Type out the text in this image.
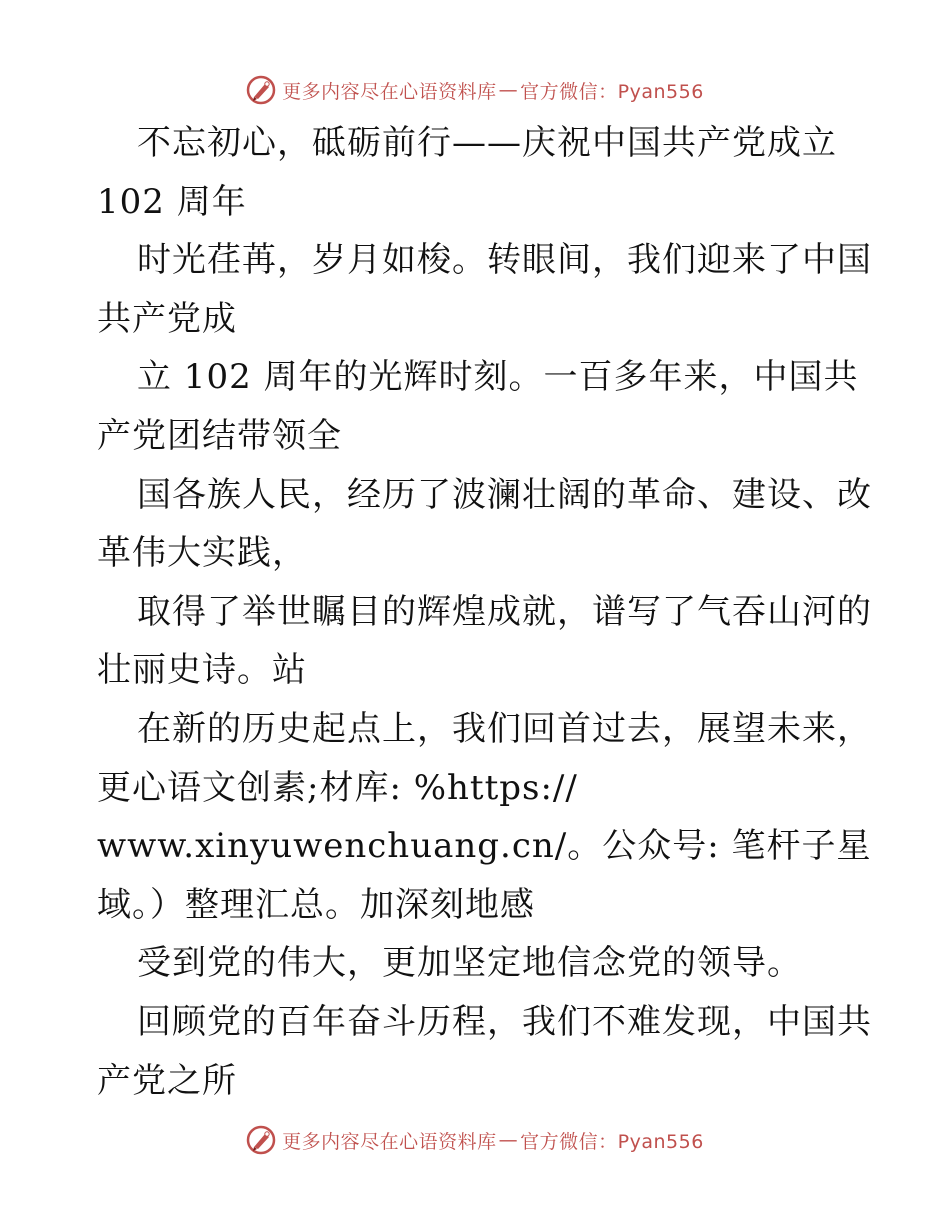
更多内容尽在心语资料库 — 官方微信：Pyan556
不忘初心，砥砺前行——庆祝中国共产党成立
102 周年
时光荏苒，岁月如梭。转眼间，我们迎来了中国
共产党成
立 102 周年的光辉时刻。一百多年来，中国共
产党团结带领全
国各族人民，经历了波澜壮阔的革命、建设、改
革伟大实践，
取得了举世瞩目的辉煌成就，谱写了气吞山河的
壮丽史诗。站
在新的历史起点上，我们回首过去，展望未来，
更心语文创素;材库: %https://
www.xinyuwenchuang.cn/。公众号: 笔杆子星
域。）整理汇总。加深刻地感
受到党的伟大，更加坚定地信念党的领导。
回顾党的百年奋斗历程，我们不难发现，中国共
产党之所
更多内容尽在心语资料库 — 官方微信：Pyan556
